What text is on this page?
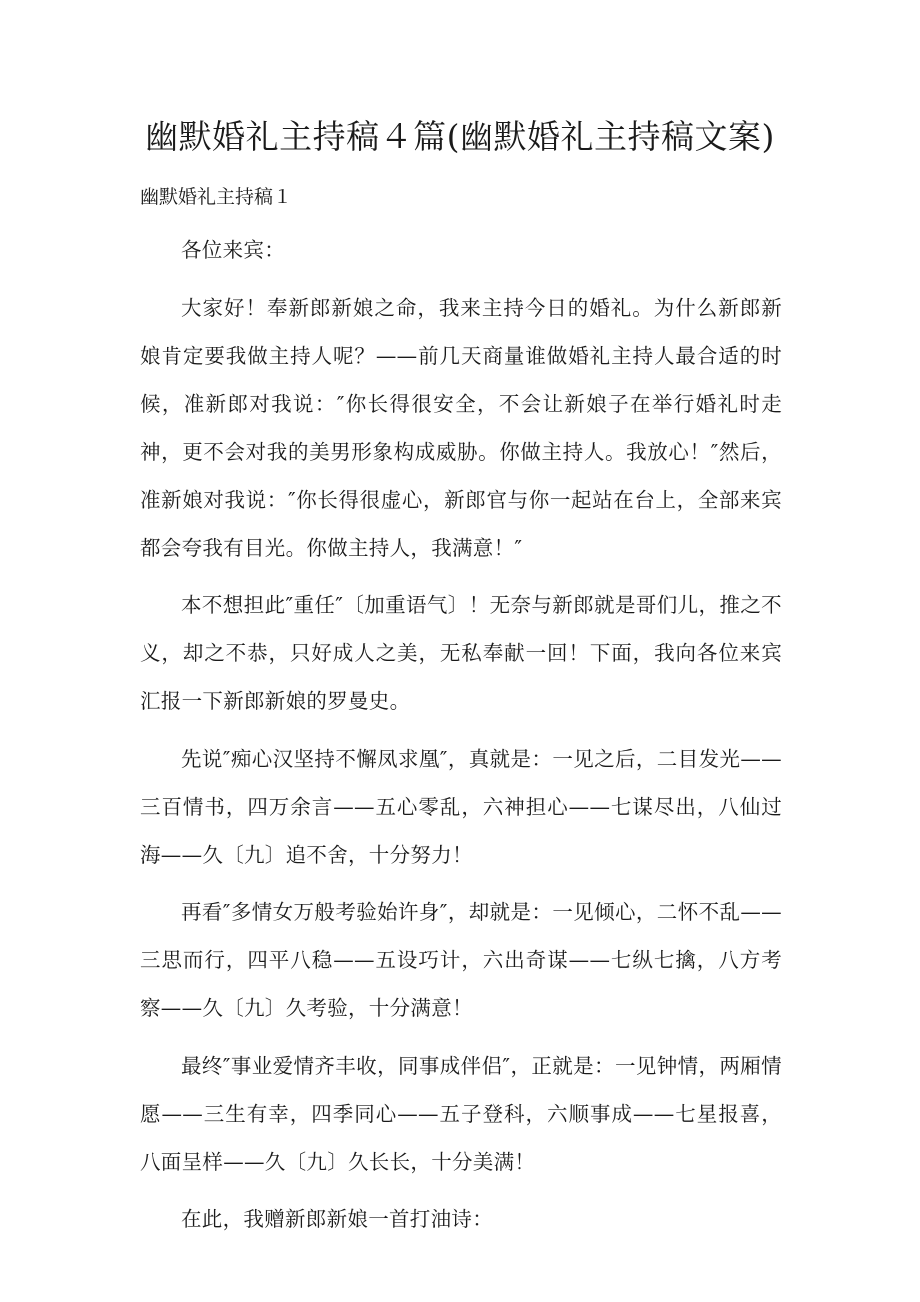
幽默婚礼主持稿４篇(幽默婚礼主持稿文案)

幽默婚礼主持稿１

各位来宾：

大家好！奉新郎新娘之命，我来主持今日的婚礼。为什么新郎新娘肯定要我做主持人呢？——前几天商量谁做婚礼主持人最合适的时候，准新郎对我说：″你长得很安全，不会让新娘子在举行婚礼时走神，更不会对我的美男形象构成威胁。你做主持人。我放心！″然后，准新娘对我说：″你长得很虚心，新郎官与你一起站在台上，全部来宾都会夸我有目光。你做主持人，我满意！″

本不想担此″重任″〔加重语气〕！无奈与新郎就是哥们儿，推之不义，却之不恭，只好成人之美，无私奉献一回！下面，我向各位来宾汇报一下新郎新娘的罗曼史。

先说″痴心汉坚持不懈凤求凰″，真就是：一见之后，二目发光——三百情书，四万余言——五心零乱，六神担心——七谋尽出，八仙过海——久〔九〕追不舍，十分努力！

再看″多情女万般考验始许身″，却就是：一见倾心，二怀不乱——三思而行，四平八稳——五设巧计，六出奇谋——七纵七擒，八方考察——久〔九〕久考验，十分满意！

最终″事业爱情齐丰收，同事成伴侣″，正就是：一见钟情，两厢情愿——三生有幸，四季同心——五子登科，六顺事成——七星报喜，八面呈样——久〔九〕久长长，十分美满！

在此，我赠新郎新娘一首打油诗：
